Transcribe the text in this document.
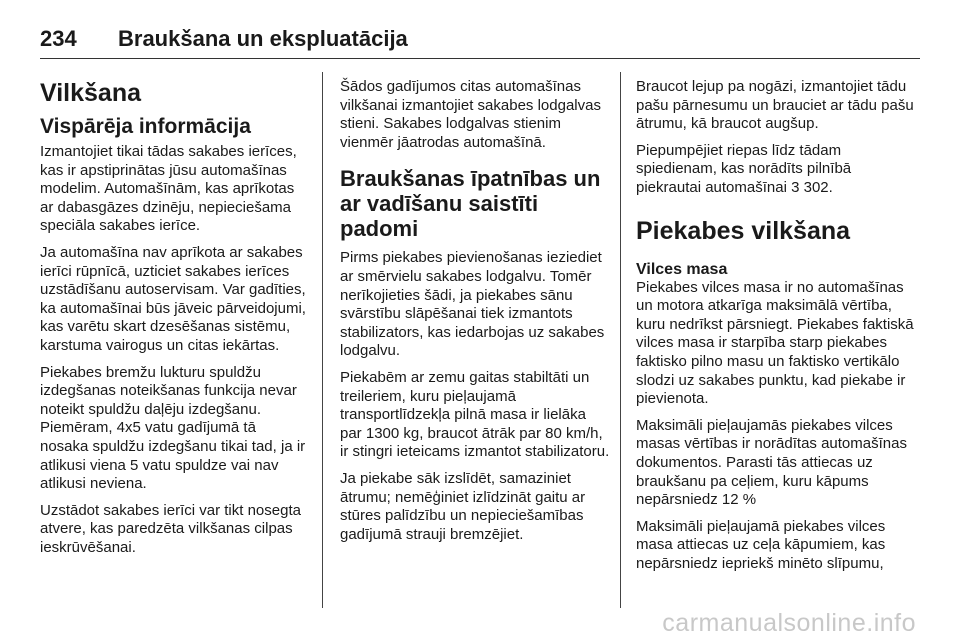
234 Braukšana un ekspluatācija
Vilkšana
Vispārēja informācija

Izmantojiet tikai tādas sakabes ierīces, kas ir apstiprinātas jūsu automašīnas modelim. Automašīnām, kas aprīkotas ar dabasgāzes dzinēju, nepieciešama speciāla sakabes ierīce.

Ja automašīna nav aprīkota ar sakabes ierīci rūpnīcā, uzticiet sakabes ierīces uzstādīšanu autoservisam. Var gadīties, ka automašīnai būs jāveic pārveidojumi, kas varētu skart dzesēšanas sistēmu, karstuma vairogus un citas iekārtas.

Piekabes bremžu lukturu spuldžu izdegšanas noteikšanas funkcija nevar noteikt spuldžu daļēju izdegšanu. Piemēram, 4x5 vatu gadījumā tā nosaka spuldžu izdegšanu tikai tad, ja ir atlikusi viena 5 vatu spuldze vai nav atlikusi neviena.

Uzstādot sakabes ierīci var tikt nosegta atvere, kas paredzēta vilkšanas cilpas ieskrūvēšanai.

Šādos gadījumos citas automašīnas vilkšanai izmantojiet sakabes lodgalvas stieni. Sakabes lodgalvas stienim vienmēr jāatrodas automašīnā.

Braukšanas īpatnības un ar vadīšanu saistīti padomi

Pirms piekabes pievienošanas ieziediet ar smērvielu sakabes lodgalvu. Tomēr nerīkojieties šādi, ja piekabes sānu svārstību slāpēšanai tiek izmantots stabilizators, kas iedarbojas uz sakabes lodgalvu.

Piekabēm ar zemu gaitas stabiltāti un treileriem, kuru pieļaujamā transportlīdzekļa pilnā masa ir lielāka par 1300 kg, braucot ātrāk par 80 km/h, ir stingri ieteicams izmantot stabilizatoru.

Ja piekabe sāk izslīdēt, samaziniet ātrumu; nemēģiniet izlīdzināt gaitu ar stūres palīdzību un nepieciešamības gadījumā strauji bremzējiet.

Braucot lejup pa nogāzi, izmantojiet tādu pašu pārnesumu un brauciet ar tādu pašu ātrumu, kā braucot augšup.

Piepumpējiet riepas līdz tādam spiedienam, kas norādīts pilnībā piekrautai automašīnai 3 302.

Piekabes vilkšana
Vilces masa

Piekabes vilces masa ir no automašīnas un motora atkarīga maksimālā vērtība, kuru nedrīkst pārsniegt. Piekabes faktiskā vilces masa ir starpība starp piekabes faktisko pilno masu un faktisko vertikālo slodzi uz sakabes punktu, kad piekabe ir pievienota.

Maksimāli pieļaujamās piekabes vilces masas vērtības ir norādītas automašīnas dokumentos. Parasti tās attiecas uz braukšanu pa ceļiem, kuru kāpums nepārsniedz 12 %

Maksimāli pieļaujamā piekabes vilces masa attiecas uz ceļa kāpumiem, kas nepārsniedz iepriekš minēto slīpumu,

carmanualsonline.info
